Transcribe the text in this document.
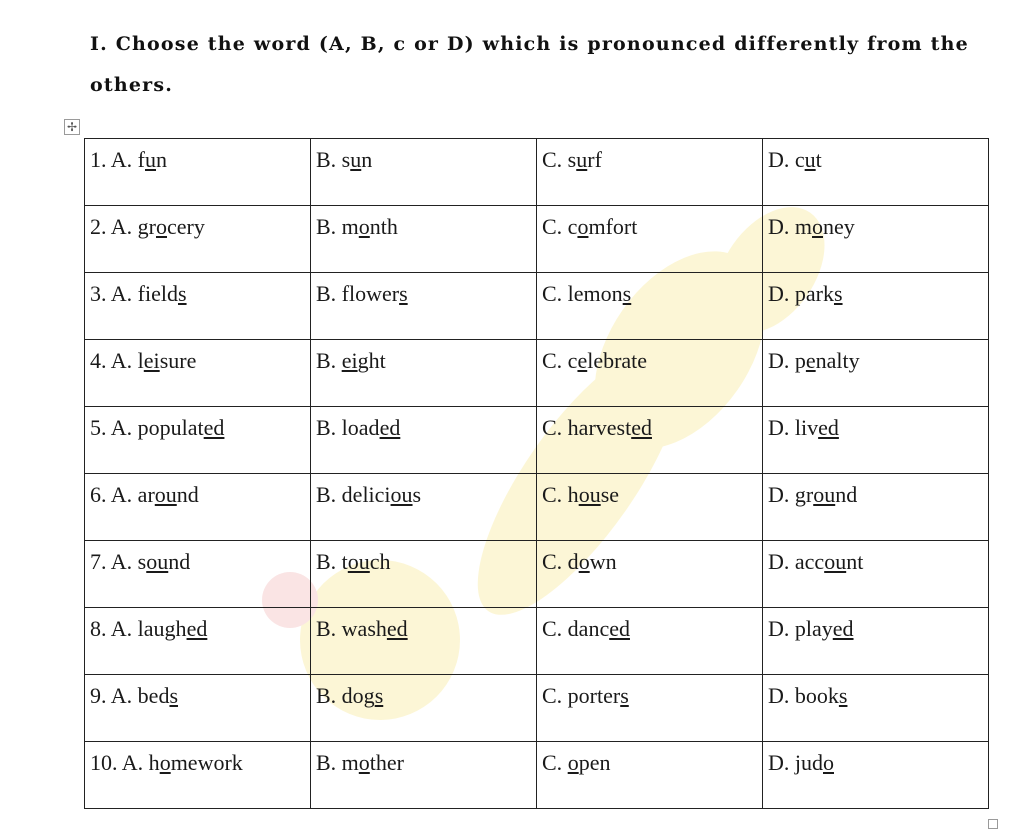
I. Choose the word (A, B, c or D) which is pronounced differently from the
others.
✢
1. A. fun	B. sun	C. surf	D. cut
2. A. grocery	B. month	C. comfort	D. money
3. A. fields	B. flowers	C. lemons	D. parks
4. A. leisure	B. eight	C. celebrate	D. penalty
5. A. populated	B. loaded	C. harvested	D. lived
6. A. around	B. delicious	C. house	D. ground
7. A. sound	B. touch	C. down	D. account
8. A. laughed	B. washed	C. danced	D. played
9. A. beds	B. dogs	C. porters	D. books
10. A. homework	B. mother	C. open	D. judo
